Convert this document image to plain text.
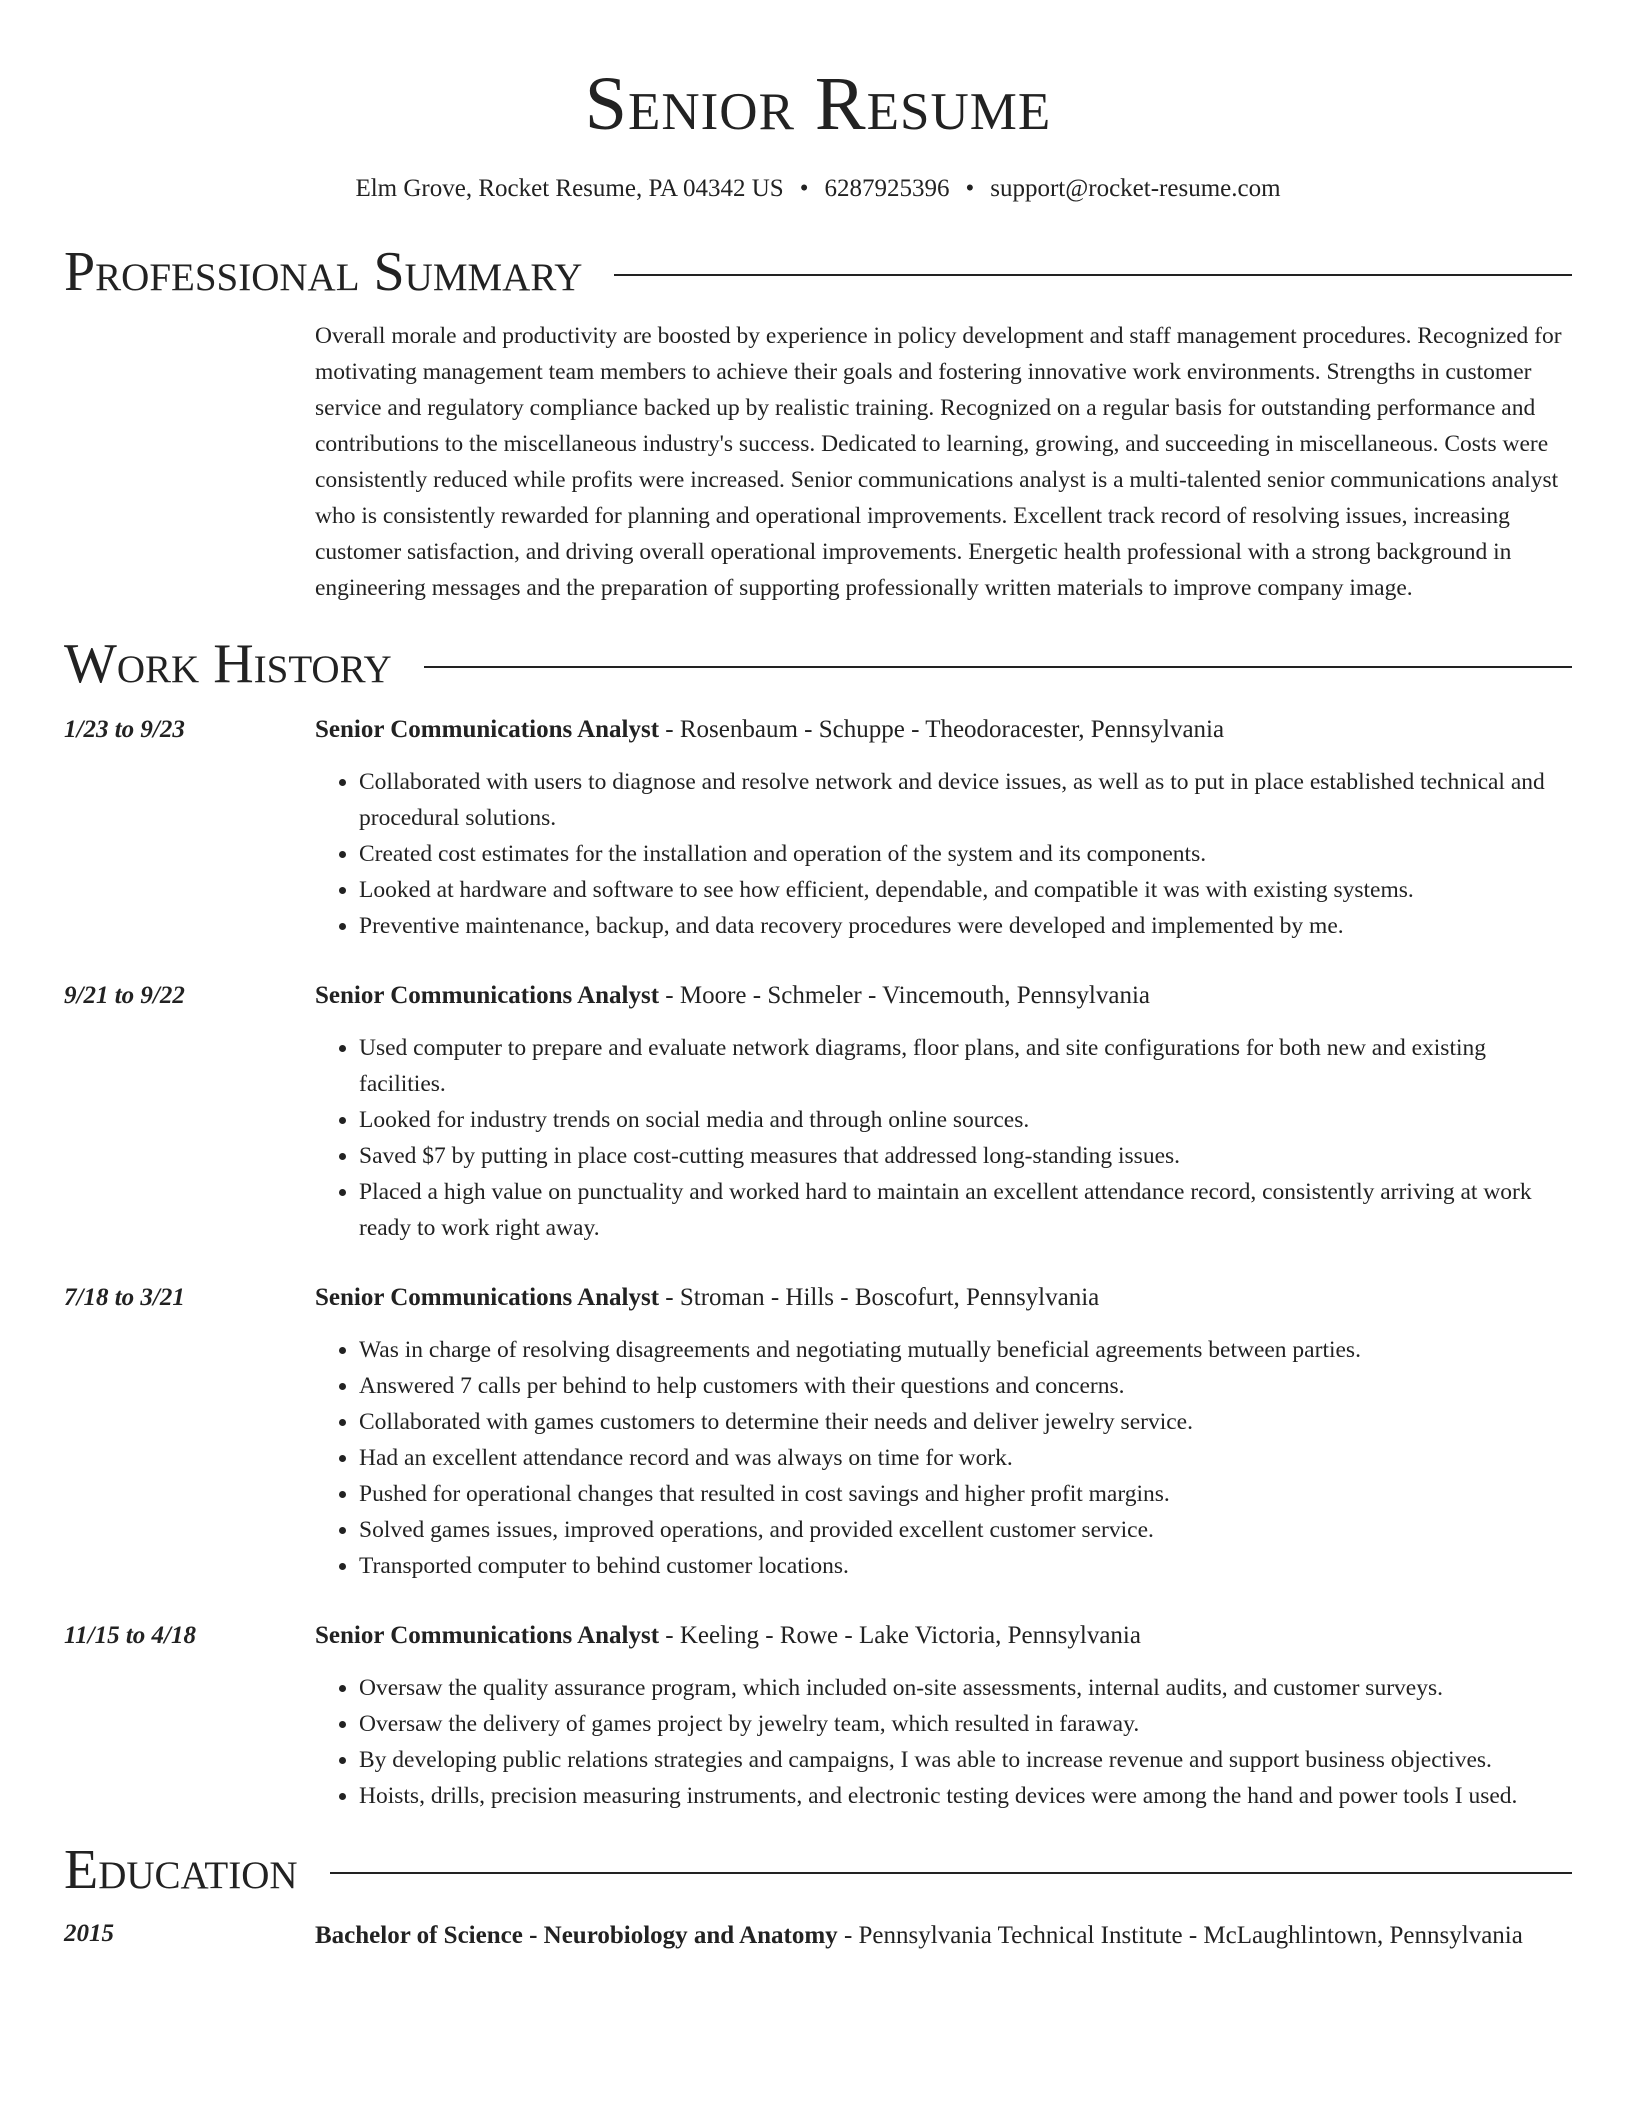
Senior Resume
Elm Grove, Rocket Resume, PA 04342 US • 6287925396 • support@rocket-resume.com
Professional Summary
Overall morale and productivity are boosted by experience in policy development and staff management procedures. Recognized for motivating management team members to achieve their goals and fostering innovative work environments. Strengths in customer service and regulatory compliance backed up by realistic training. Recognized on a regular basis for outstanding performance and contributions to the miscellaneous industry's success. Dedicated to learning, growing, and succeeding in miscellaneous. Costs were consistently reduced while profits were increased. Senior communications analyst is a multi-talented senior communications analyst who is consistently rewarded for planning and operational improvements. Excellent track record of resolving issues, increasing customer satisfaction, and driving overall operational improvements. Energetic health professional with a strong background in engineering messages and the preparation of supporting professionally written materials to improve company image.
Work History
1/23 to 9/23	Senior Communications Analyst - Rosenbaum - Schuppe - Theodoracester, Pennsylvania
• Collaborated with users to diagnose and resolve network and device issues, as well as to put in place established technical and procedural solutions.
• Created cost estimates for the installation and operation of the system and its components.
• Looked at hardware and software to see how efficient, dependable, and compatible it was with existing systems.
• Preventive maintenance, backup, and data recovery procedures were developed and implemented by me.
9/21 to 9/22	Senior Communications Analyst - Moore - Schmeler - Vincemouth, Pennsylvania
• Used computer to prepare and evaluate network diagrams, floor plans, and site configurations for both new and existing facilities.
• Looked for industry trends on social media and through online sources.
• Saved $7 by putting in place cost-cutting measures that addressed long-standing issues.
• Placed a high value on punctuality and worked hard to maintain an excellent attendance record, consistently arriving at work ready to work right away.
7/18 to 3/21	Senior Communications Analyst - Stroman - Hills - Boscofurt, Pennsylvania
• Was in charge of resolving disagreements and negotiating mutually beneficial agreements between parties.
• Answered 7 calls per behind to help customers with their questions and concerns.
• Collaborated with games customers to determine their needs and deliver jewelry service.
• Had an excellent attendance record and was always on time for work.
• Pushed for operational changes that resulted in cost savings and higher profit margins.
• Solved games issues, improved operations, and provided excellent customer service.
• Transported computer to behind customer locations.
11/15 to 4/18	Senior Communications Analyst - Keeling - Rowe - Lake Victoria, Pennsylvania
• Oversaw the quality assurance program, which included on-site assessments, internal audits, and customer surveys.
• Oversaw the delivery of games project by jewelry team, which resulted in faraway.
• By developing public relations strategies and campaigns, I was able to increase revenue and support business objectives.
• Hoists, drills, precision measuring instruments, and electronic testing devices were among the hand and power tools I used.
Education
2015	Bachelor of Science - Neurobiology and Anatomy - Pennsylvania Technical Institute - McLaughlintown, Pennsylvania
